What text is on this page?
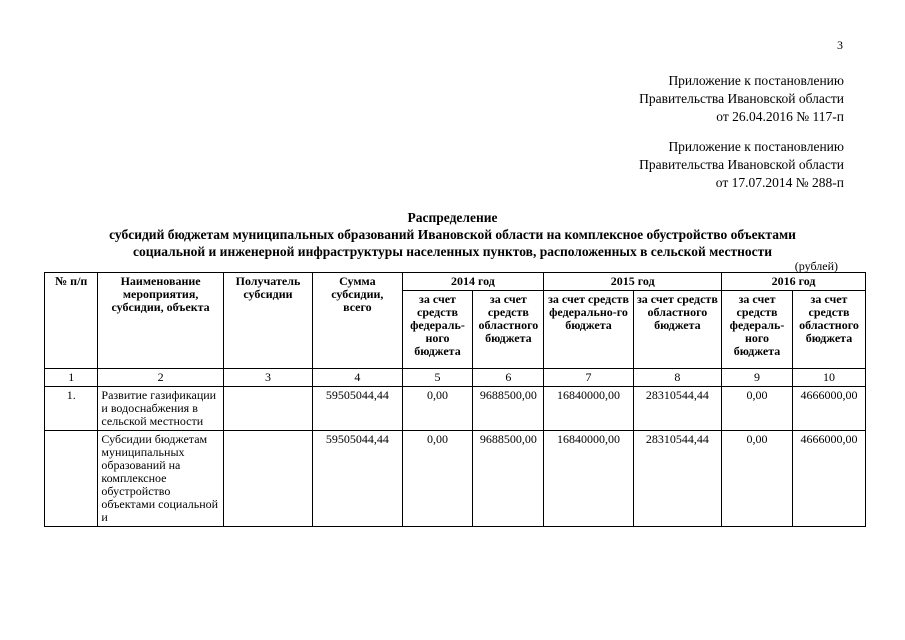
3
Приложение к постановлению
Правительства Ивановской области
от 26.04.2016 № 117-п
Приложение к постановлению
Правительства Ивановской области
от 17.07.2014 № 288-п
Распределение
субсидий бюджетам муниципальных образований Ивановской области на комплексное обустройство объектами
социальной и инженерной инфраструктуры населенных пунктов, расположенных в сельской местности
(рублей)
№ п/п	Наименование мероприятия, субсидии, объекта	Получатель субсидии	Сумма субсидии, всего	2014 год		2015 год		2016 год	
				за счет средств федераль-ного бюджета	за счет средств областного бюджета	за счет средств федерально-го бюджета	за счет средств областного бюджета	за счет средств федераль-ного бюджета	за счет средств областного бюджета
1	2	3	4	5	6	7	8	9	10
1.	Развитие газификации и водоснабжения в сельской местности		59505044,44	0,00	9688500,00	16840000,00	28310544,44	0,00	4666000,00
	Субсидии бюджетам муниципальных образований на комплексное обустройство объектами социальной и		59505044,44	0,00	9688500,00	16840000,00	28310544,44	0,00	4666000,00
